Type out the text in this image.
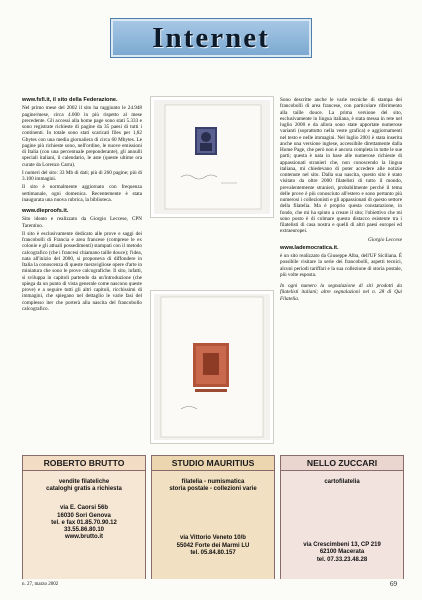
Internet

www.fsfi.it, il sito della Federazione.

Nel primo mese del 2002 il sito ha raggiunto le 24.948 pagine/mese, circa 4.000 in più rispetto al mese precedente. Gli accessi alla home page sono stati 5.333 e sono registrate richieste di pagine da 35 paesi di tutti i continenti. In totale sono stati scaricati files per 1,82 Gbytes con una media giornaliera di circa 60 Mbytes. Le pagine più richieste sono, nell'ordine, le nuove emissioni di Italia (con una percentuale preponderante), gli annulli speciali italiani, il calendario, le aste (queste ultime ora curate da Lorenzo Carra).

I numeri del sito: 33 Mb di dati; più di 260 pagine; più di 3.100 immagini.

Il sito è normalmente aggiornato con frequenza settimanale, ogni domenica. Recentemente è stata inaugurata una nuova rubrica, la biblioteca.

www.dieproofs.it.

Sito ideato e realizzato da Giorgio Leccese, CPN Tarentino.

Il sito è esclusivamente dedicato alle prove e saggi dei francobolli di Francia e area francese (comprese le ex colonie e gli attuali possedimenti) stampati con il metodo calcografico (che i francesi chiamano taille douce); l'idea, nata all'inizio del 2000, si proponeva di diffondere in Italia la conoscenza di queste meravigliose opere d'arte in miniatura che sono le prove calcografiche. Il sito, infatti, si sviluppa in capitoli partendo da un'introduzione (che spiega da un punto di vista generale come nascono queste prove) e a seguire tutti gli altri capitoli, ricchissimi di immagini, che spiegano nel dettaglio le varie fasi del complesso iter che porterà alla nascita del francobollo calcografico.

Sono descritte anche le varie tecniche di stampa dei francobolli di area francese, con particolare riferimento alla taille douce. La prima versione del sito, esclusivamente in lingua italiana, è stata messa in rete nel luglio 2000 e da allora sono state apportate numerose varianti (soprattutto nella veste grafica) e aggiornamenti nel testo e nelle immagini. Nel luglio 2001 è stata inserita anche una versione inglese, accessibile direttamente dalla Home Page, che però non è ancora completa in tutte le sue parti; questa è nata in base alle numerose richieste di appassionati stranieri che, non conoscendo la lingua italiana, mi chiedevano di poter accedere alle notizie contenute nel sito. Dalla sua nascita, questo sito è stato visitato da oltre 2000 filatelisti di tutto il mondo, prevalentemente stranieri, probabilmente perché il tema delle prove è più conosciuto all'estero e sono pertanto più numerosi i collezionisti e gli appassionati di questo settore della filatelia. Ma è proprio questa constatazione, in fondo, che mi ha spinto a creare il sito; l'obiettivo che mi sono posto è di colmare questo distacco esistente tra i filatelisti di casa nostra e quelli di altri paesi europei ed extraeuropei.

Giorgio Leccese

www.lademocratica.it.

è un sito realizzato da Giuseppe Alba, dell'UF Siciliana. È possibile visitare la serie dei francobolli, aspetti tecnici, alcuni periodi tariffari e la sua collezione di storia postale, più volte esposta.

In ogni numero la segnalazione di siti prodotti da filatelisti italiani; altre segnalazioni nel n. 28 di Qui Filatelia.

ROBERTO BRUTTO
vendite filateliche
cataloghi gratis a richiesta
via E. Caorsi 56b
16030 Sori Genova
tel. e fax 01.85.70.90.12
33.55.86.80.10
www.brutto.it
STUDIO MAURITIUS
filatelia - numismatica
storia postale - collezioni varie
via Vittorio Veneto 10/b
55042 Forte dei Marmi LU
tel. 05.84.80.157
NELLO ZUCCARI
cartofilatelia
via Crescimbeni 13, CP 219
62100 Macerata
tel. 07.33.23.48.28
n. 27, marzo 2002	69
